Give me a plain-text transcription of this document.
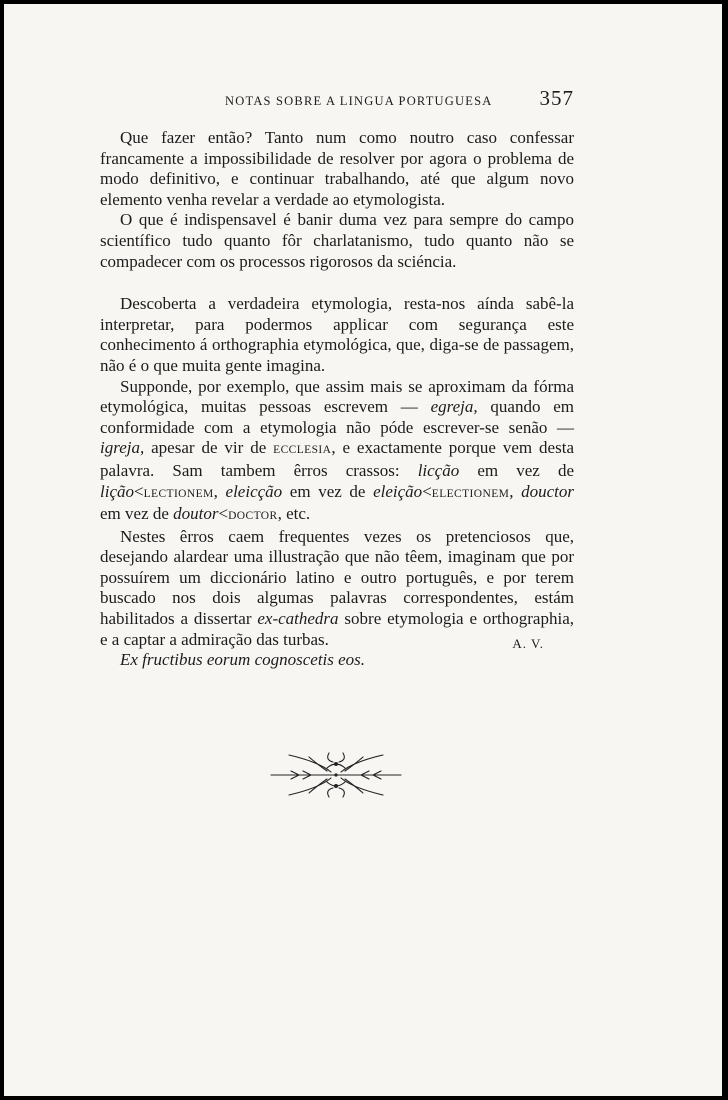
NOTAS SOBRE A LINGUA PORTUGUESA	357

Que fazer então? Tanto num como noutro caso confessar francamente a impossibilidade de resolver por agora o problema de modo definitivo, e continuar trabalhando, até que algum novo elemento venha revelar a verdade ao etymologista.

O que é indispensavel é banir duma vez para sempre do campo scientífico tudo quanto fôr charlatanismo, tudo quanto não se compadecer com os processos rigorosos da sciéncia.

Descoberta a verdadeira etymologia, resta-nos aínda sabê-la interpretar, para podermos applicar com segurança este conhecimento á orthographia etymológica, que, diga-se de passagem, não é o que muita gente imagina.

Supponde, por exemplo, que assim mais se aproximam da fórma etymológica, muitas pessoas escrevem — egreja, quando em conformidade com a etymologia não póde escrever-se senão — igreja, apesar de vir de ECCLESIA, e exactamente porque vem desta palavra. Sam tambem êrros crassos: licção em vez de lição<LECTIONEM, eleicção em vez de eleição<ELECTIONEM, douctor em vez de doutor<DOCTOR, etc.

Nestes êrros caem frequentes vezes os pretenciosos que, desejando alardear uma illustração que não têem, imaginam que por possuírem um diccionário latino e outro português, e por terem buscado nos dois algumas palavras correspondentes, estám habilitados a dissertar ex-cathedra sobre etymologia e orthographia, e a captar a admiração das turbas.

Ex fructibus eorum cognoscetis eos.

A. V.
